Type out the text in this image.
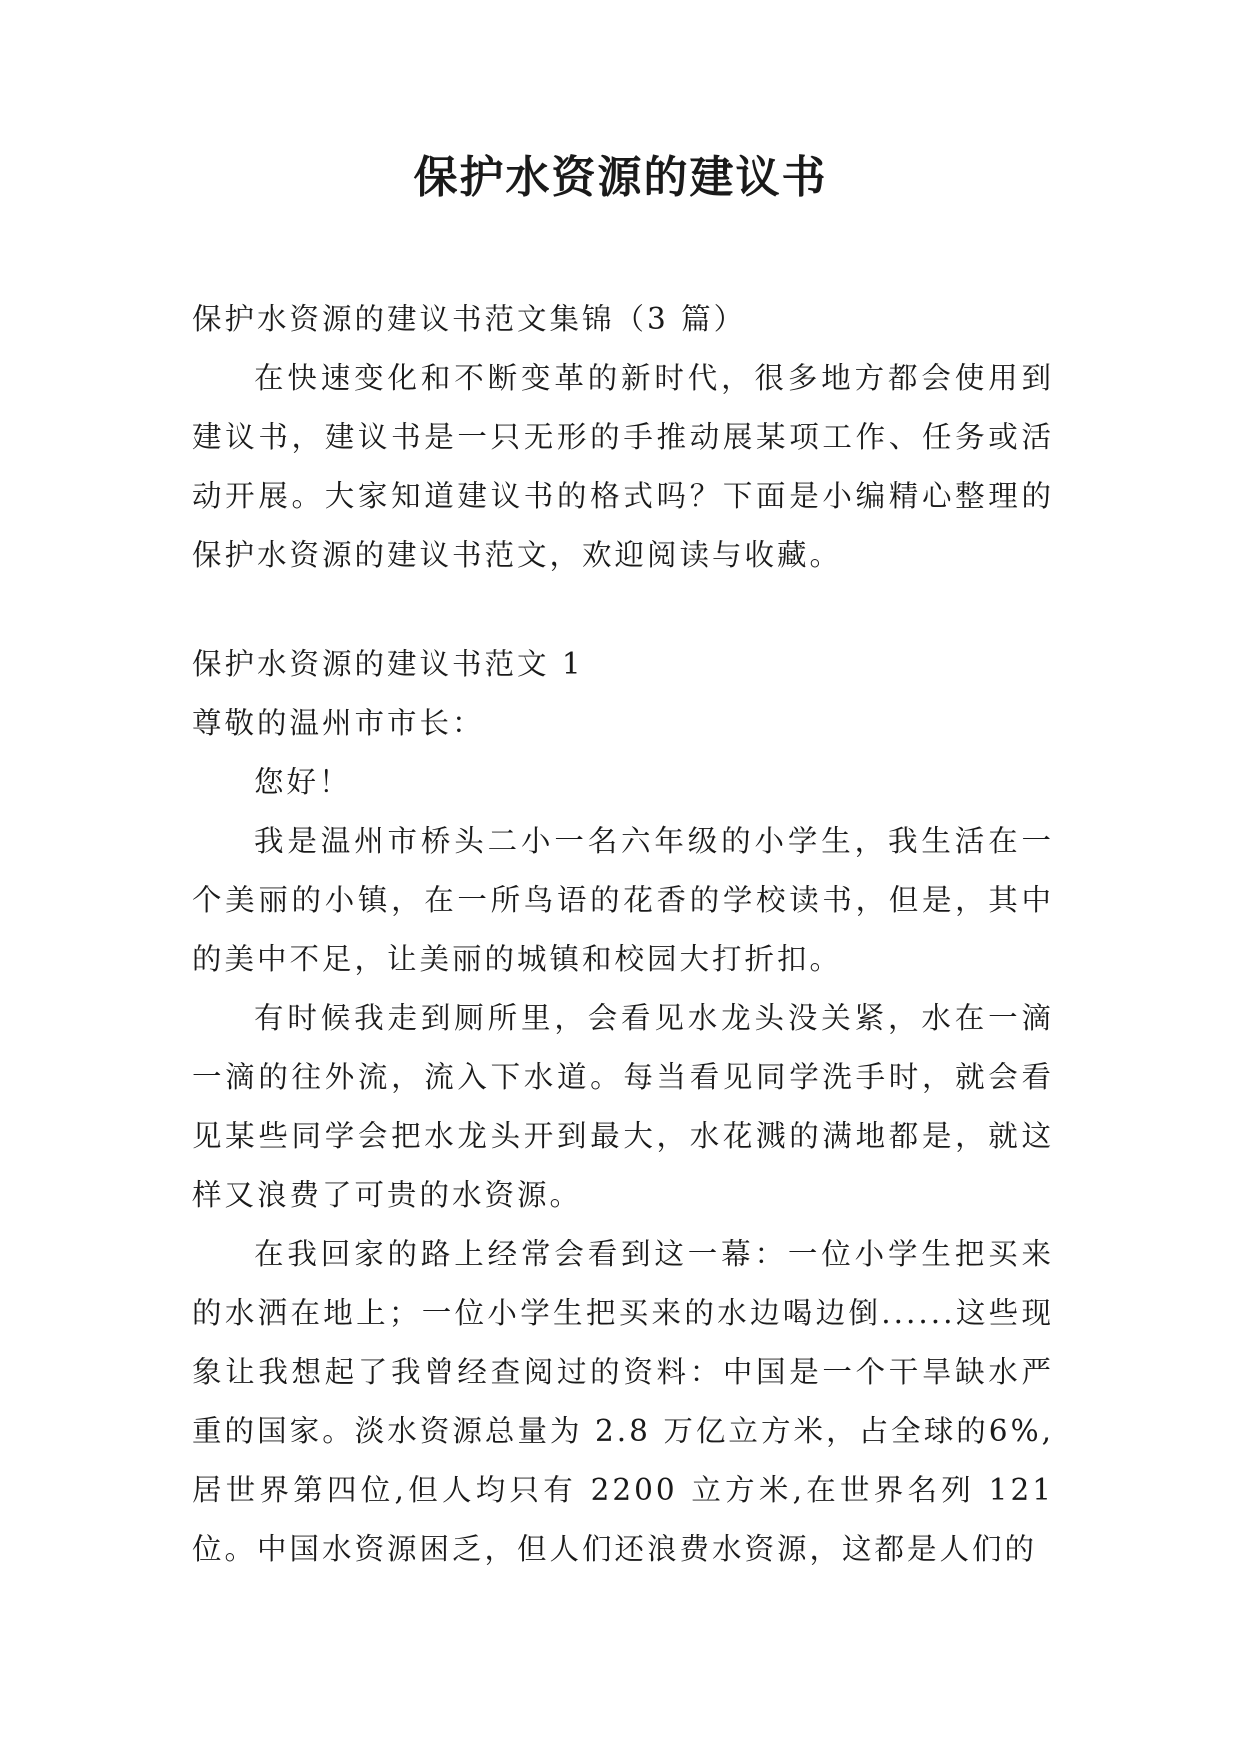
保护水资源的建议书

保护水资源的建议书范文集锦（3 篇）

在快速变化和不断变革的新时代，很多地方都会使用到建议书，建议书是一只无形的手推动展某项工作、任务或活动开展。大家知道建议书的格式吗？下面是小编精心整理的保护水资源的建议书范文，欢迎阅读与收藏。

保护水资源的建议书范文 1

尊敬的温州市市长：

您好！

我是温州市桥头二小一名六年级的小学生，我生活在一个美丽的小镇，在一所鸟语的花香的学校读书，但是，其中的美中不足，让美丽的城镇和校园大打折扣。

有时候我走到厕所里，会看见水龙头没关紧，水在一滴一滴的往外流，流入下水道。每当看见同学洗手时，就会看见某些同学会把水龙头开到最大，水花溅的满地都是，就这样又浪费了可贵的水资源。

在我回家的路上经常会看到这一幕：一位小学生把买来的水洒在地上；一位小学生把买来的水边喝边倒......这些现象让我想起了我曾经查阅过的资料：中国是一个干旱缺水严重的国家。淡水资源总量为 2.8 万亿立方米，占全球的6%,居世界第四位,但人均只有 2200 立方米,在世界名列 121位。中国水资源困乏，但人们还浪费水资源，这都是人们的
